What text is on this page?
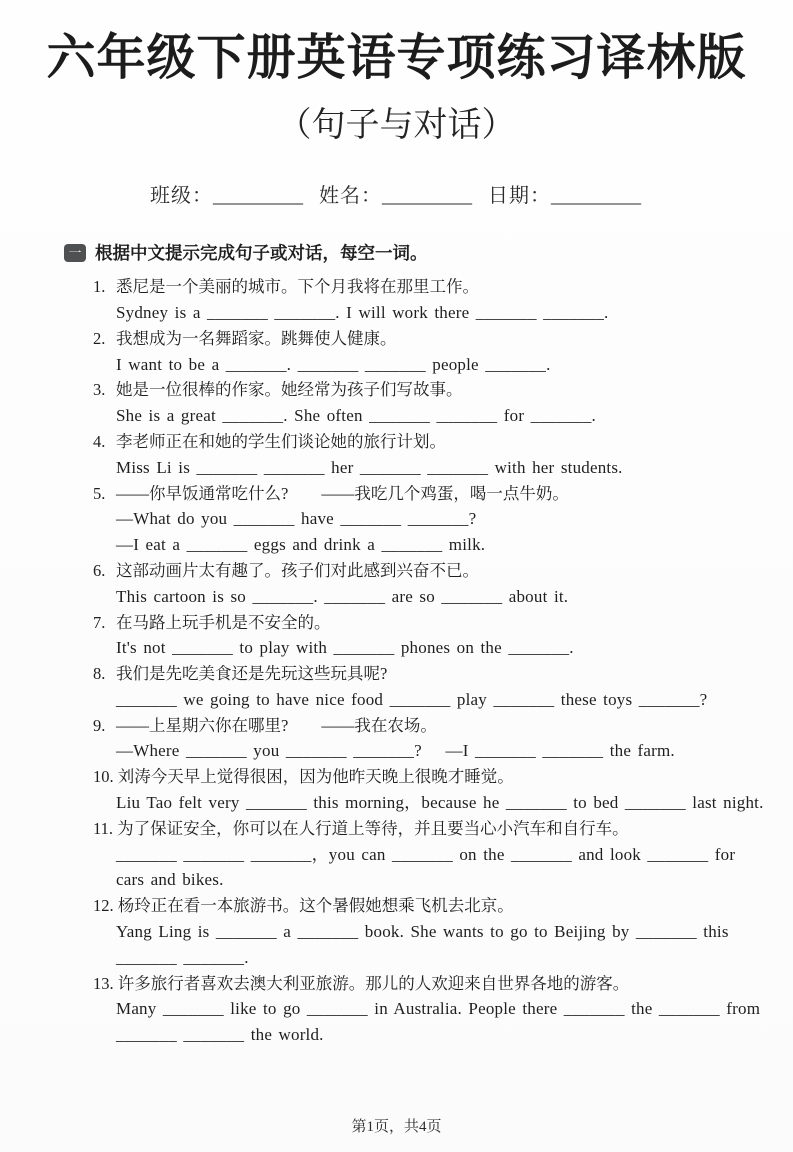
六年级下册英语专项练习译林版
（句子与对话）
班级：_________ 姓名：_________ 日期：_________
一 根据中文提示完成句子或对话，每空一词。
1. 悉尼是一个美丽的城市。下个月我将在那里工作。
Sydney is a _______ _______. I will work there _______ _______.
2. 我想成为一名舞蹈家。跳舞使人健康。
I want to be a _______. _______ _______ people _______.
3. 她是一位很棒的作家。她经常为孩子们写故事。
She is a great _______. She often _______ _______ for _______.
4. 李老师正在和她的学生们谈论她的旅行计划。
Miss Li is _______ _______ her _______ _______ with her students.
5. ——你早饭通常吃什么?　　——我吃几个鸡蛋，喝一点牛奶。
—What do you _______ have _______ _______?
—I eat a _______ eggs and drink a _______ milk.
6. 这部动画片太有趣了。孩子们对此感到兴奋不已。
This cartoon is so _______. _______ are so _______ about it.
7. 在马路上玩手机是不安全的。
It's not _______ to play with _______ phones on the _______.
8. 我们是先吃美食还是先玩这些玩具呢?
_______ we going to have nice food _______ play _______ these toys _______?
9. ——上星期六你在哪里?　　——我在农场。
—Where _______ you _______ _______?　 —I _______ _______ the farm.
10. 刘涛今天早上觉得很困，因为他昨天晚上很晚才睡觉。
Liu Tao felt very _______ this morning，because he _______ to bed _______ last night.
11. 为了保证安全，你可以在人行道上等待，并且要当心小汽车和自行车。
_______ _______ _______，you can _______ on the _______ and look _______ for
cars and bikes.
12. 杨玲正在看一本旅游书。这个暑假她想乘飞机去北京。
Yang Ling is _______ a _______ book. She wants to go to Beijing by _______ this
_______ _______.
13. 许多旅行者喜欢去澳大利亚旅游。那儿的人欢迎来自世界各地的游客。
Many _______ like to go _______ in Australia. People there _______ the _______ from
_______ _______ the world.
第1页，共4页
